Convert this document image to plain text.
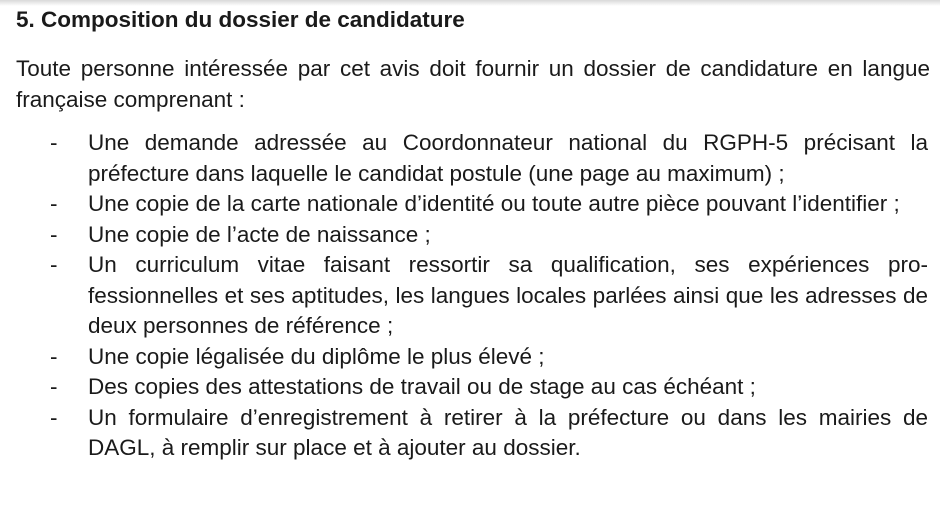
5. Composition du dossier de candidature
Toute personne intéressée par cet avis doit fournir un dossier de candidature en langue française comprenant :
- Une demande adressée au Coordonnateur national du RGPH-5 précisant la préfecture dans laquelle le candidat postule (une page au maximum) ;
- Une copie de la carte nationale d’identité ou toute autre pièce pouvant l’identifier ;
- Une copie de l’acte de naissance ;
- Un curriculum vitae faisant ressortir sa qualification, ses expériences pro-fessionnelles et ses aptitudes, les langues locales parlées ainsi que les adresses de deux personnes de référence ;
- Une copie légalisée du diplôme le plus élevé ;
- Des copies des attestations de travail ou de stage au cas échéant ;
- Un formulaire d’enregistrement à retirer à la préfecture ou dans les mairies de DAGL, à remplir sur place et à ajouter au dossier.
